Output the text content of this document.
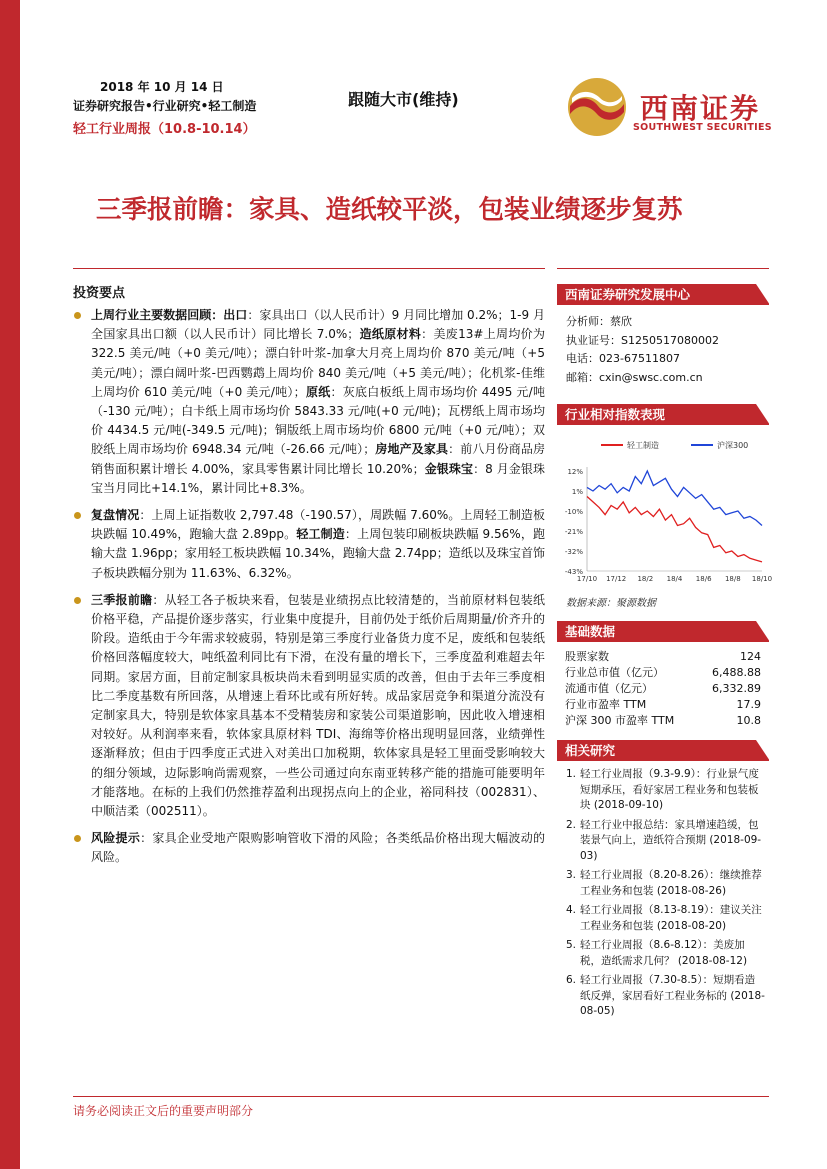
2018 年 10 月 14 日
证券研究报告•行业研究•轻工制造
轻工行业周报（10.8-10.14）
跟随大市(维持)	西南证券
SOUTHWEST SECURITIES
三季报前瞻：家具、造纸较平淡，包装业绩逐步复苏
投资要点
上周行业主要数据回顾：出口：家具出口（以人民币计）9 月同比增加 0.2%；1-9 月全国家具出口额（以人民币计）同比增长 7.0%；造纸原材料：美废13#上周均价为 322.5 美元/吨（+0 美元/吨）；漂白针叶浆-加拿大月亮上周均价 870 美元/吨（+5 美元/吨）；漂白阔叶浆-巴西鹦鹉上周均价 840 美元/吨（+5 美元/吨）；化机浆-佳维上周均价 610 美元/吨（+0 美元/吨）；原纸：灰底白板纸上周市场均价 4495 元/吨（-130 元/吨）；白卡纸上周市场均价 5843.33 元/吨(+0 元/吨)；瓦楞纸上周市场均价 4434.5 元/吨(-349.5 元/吨)；铜版纸上周市场均价 6800 元/吨（+0 元/吨）；双胶纸上周市场均价 6948.34 元/吨（-26.66 元/吨）；房地产及家具：前八月份商品房销售面积累计增长 4.00%，家具零售累计同比增长 10.20%；金银珠宝：8 月金银珠宝当月同比+14.1%，累计同比+8.3%。
复盘情况：上周上证指数收 2,797.48（-190.57），周跌幅 7.60%。上周轻工制造板块跌幅 10.49%，跑输大盘 2.89pp。轻工制造：上周包装印刷板块跌幅 9.56%，跑输大盘 1.96pp；家用轻工板块跌幅 10.34%，跑输大盘 2.74pp；造纸以及珠宝首饰子板块跌幅分别为 11.63%、6.32%。
三季报前瞻：从轻工各子板块来看，包装是业绩拐点比较清楚的，当前原材料包装纸价格平稳，产品提价逐步落实，行业集中度提升，目前仍处于纸价后周期量/价齐升的阶段。造纸由于今年需求较疲弱，特别是第三季度行业备货力度不足，废纸和包装纸价格回落幅度较大，吨纸盈利同比有下滑，在没有量的增长下，三季度盈利难超去年同期。家居方面，目前定制家具板块尚未看到明显实质的改善，但由于去年三季度相比二季度基数有所回落，从增速上看环比或有所好转。成品家居竞争和渠道分流没有定制家具大，特别是软体家具基本不受精装房和家装公司渠道影响，因此收入增速相对较好。从利润率来看，软体家具原材料 TDI、海绵等价格出现明显回落，业绩弹性逐渐释放；但由于四季度正式进入对美出口加税期，软体家具是轻工里面受影响较大的细分领域，边际影响尚需观察，一些公司通过向东南亚转移产能的措施可能要明年才能落地。在标的上我们仍然推荐盈利出现拐点向上的企业，裕同科技（002831）、中顺洁柔（002511）。
风险提示：家具企业受地产限购影响管收下滑的风险；各类纸品价格出现大幅波动的风险。
西南证券研究发展中心
分析师：蔡欣
执业证号：S1250517080002
电话：023-67511807
邮箱：cxin@swsc.com.cn
行业相对指数表现
轻工制造	沪深300
12%
1%
-10%
-21%
-32%
-43%
17/10 17/12 18/2 18/4 18/6 18/8 18/10
数据来源：聚源数据
基础数据
股票家数	124
行业总市值（亿元）	6,488.88
流通市值（亿元）	6,332.89
行业市盈率 TTM	17.9
沪深 300 市盈率 TTM	10.8
相关研究
1. 轻工行业周报（9.3-9.9）：行业景气度短期承压，看好家居工程业务和包装板块 (2018-09-10)
2. 轻工行业中报总结：家具增速趋缓，包装景气向上，造纸符合预期 (2018-09-03)
3. 轻工行业周报（8.20-8.26）：继续推荐工程业务和包装 (2018-08-26)
4. 轻工行业周报（8.13-8.19）：建议关注工程业务和包装 (2018-08-20)
5. 轻工行业周报（8.6-8.12）：美废加税，造纸需求几何？ (2018-08-12)
6. 轻工行业周报（7.30-8.5）：短期看造纸反弹，家居看好工程业务标的 (2018-08-05)
请务必阅读正文后的重要声明部分
